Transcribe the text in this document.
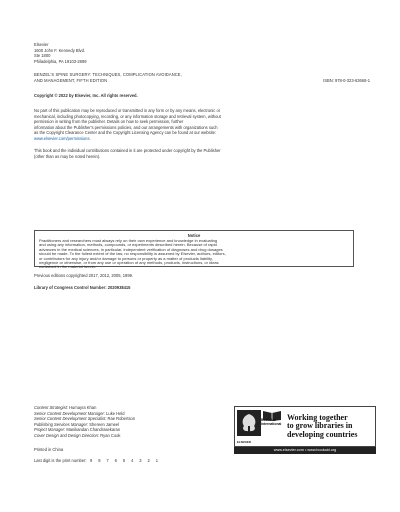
Elsevier
1600 John F. Kennedy Blvd.
Ste 1800
Philadelphia, PA 19103-2899
BENZEL'S SPINE SURGERY: TECHNIQUES, COMPLICATION AVOIDANCE,
AND MANAGEMENT, FIFTH EDITION	ISBN: 978-0-323-63668-1
Copyright © 2022 by Elsevier, Inc. All rights reserved.
No part of this publication may be reproduced or transmitted in any form or by any means, electronic or
mechanical, including photocopying, recording, or any information storage and retrieval system, without
permission in writing from the publisher. Details on how to seek permission, further
information about the Publisher's permissions policies, and our arrangements with organizations such
as the Copyright Clearance Center and the Copyright Licensing Agency can be found at our website:
www.elsevier.com/permissions.
This book and the individual contributions contained in it are protected under copyright by the Publisher
(other than as may be noted herein).
Notice
Practitioners and researchers must always rely on their own experience and knowledge in evaluating
and using any information, methods, compounds, or experiments described herein. Because of rapid
advances in the medical sciences, in particular, independent verification of diagnoses and drug dosages
should be made. To the fullest extent of the law, no responsibility is assumed by Elsevier, authors, editors,
or contributors for any injury and/or damage to persons or property as a matter of products liability,
negligence or otherwise, or from any use or operation of any methods, products, instructions, or ideas
contained in the material herein.
Previous editions copyrighted 2017, 2012, 2005, 1999.
Library of Congress Control Number: 2020938415
Content Strategist: Humayra Khan
Senior Content Development Manager: Luke Held
Senior Content Development Specialist: Rae Robertson
Publishing Services Manager: Shereen Jameel
Project Manager: Manikandan Chandrasekaran
Cover Design and Design Direction: Ryan Cook
Printed in China
Last digit is the print number: 9 8 7 6 5 4 3 2 1
ELSEVIER
Book Aid
International
Working together
to grow libraries in
developing countries
www.elsevier.com • www.bookaid.org
